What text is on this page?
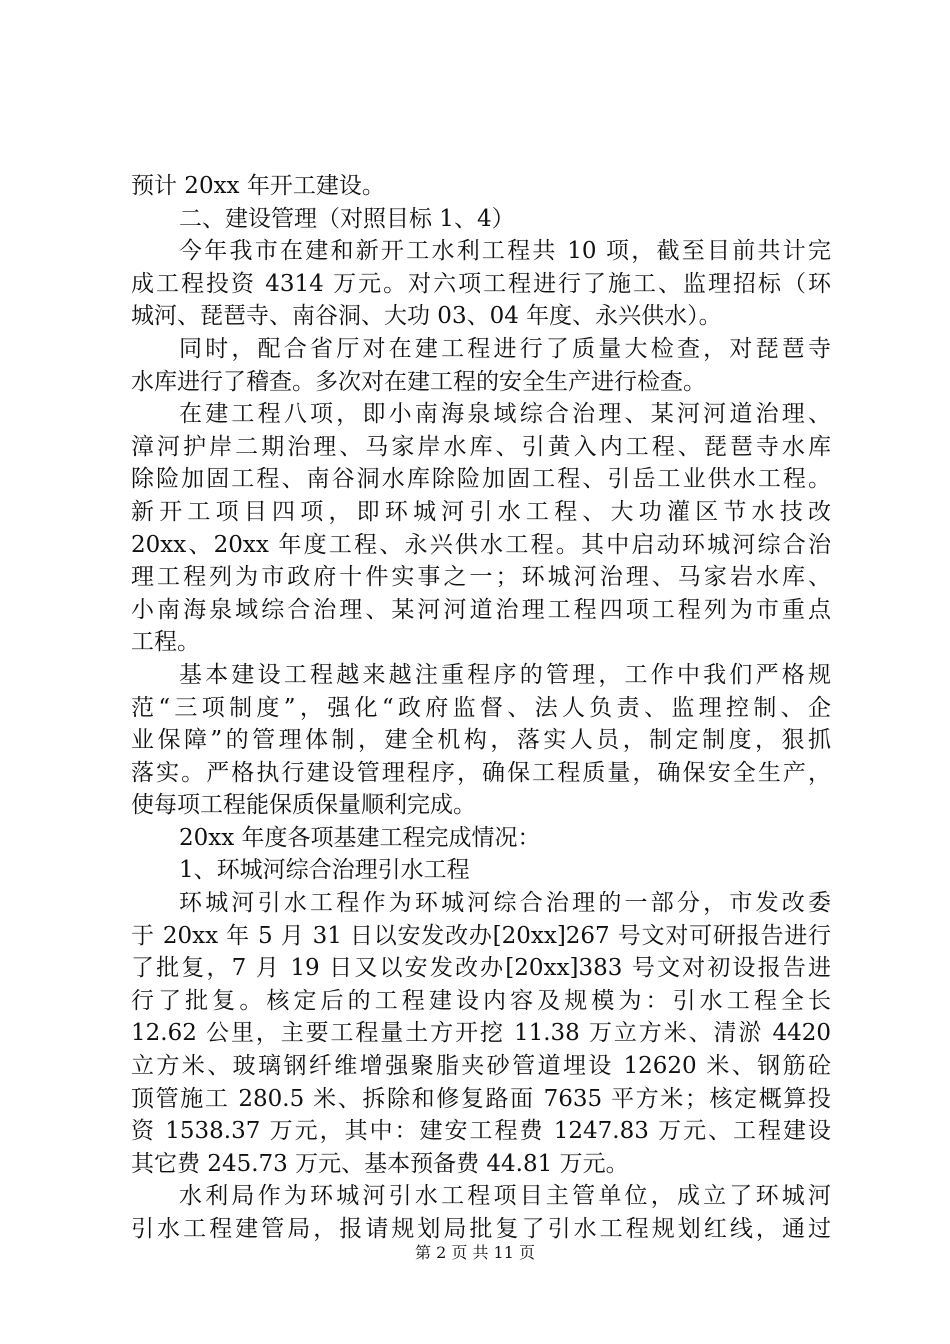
预计 20xx 年开工建设。
二、建设管理（对照目标 1、4）
今年我市在建和新开工水利工程共 10 项，截至目前共计完
成工程投资 4314 万元。对六项工程进行了施工、监理招标（环
城河、琵琶寺、南谷洞、大功 03、04 年度、永兴供水）。
同时，配合省厅对在建工程进行了质量大检查，对琵琶寺
水库进行了稽查。多次对在建工程的安全生产进行检查。
在建工程八项，即小南海泉域综合治理、某河河道治理、
漳河护岸二期治理、马家岸水库、引黄入内工程、琵琶寺水库
除险加固工程、南谷洞水库除险加固工程、引岳工业供水工程。
新开工项目四项，即环城河引水工程、大功灌区节水技改
20xx、20xx 年度工程、永兴供水工程。其中启动环城河综合治
理工程列为市政府十件实事之一；环城河治理、马家岩水库、
小南海泉域综合治理、某河河道治理工程四项工程列为市重点
工程。
基本建设工程越来越注重程序的管理，工作中我们严格规
范“三项制度”，强化“政府监督、法人负责、监理控制、企
业保障”的管理体制，建全机构，落实人员，制定制度，狠抓
落实。严格执行建设管理程序，确保工程质量，确保安全生产，
使每项工程能保质保量顺利完成。
20xx 年度各项基建工程完成情况：
1、环城河综合治理引水工程
环城河引水工程作为环城河综合治理的一部分，市发改委
于 20xx 年 5 月 31 日以安发改办[20xx]267 号文对可研报告进行
了批复，7 月 19 日又以安发改办[20xx]383 号文对初设报告进
行了批复。核定后的工程建设内容及规模为：引水工程全长
12.62 公里，主要工程量土方开挖 11.38 万立方米、清淤 4420
立方米、玻璃钢纤维增强聚脂夹砂管道埋设 12620 米、钢筋砼
顶管施工 280.5 米、拆除和修复路面 7635 平方米；核定概算投
资 1538.37 万元，其中：建安工程费 1247.83 万元、工程建设
其它费 245.73 万元、基本预备费 44.81 万元。
水利局作为环城河引水工程项目主管单位，成立了环城河
引水工程建管局，报请规划局批复了引水工程规划红线，通过
第 2 页 共 11 页
